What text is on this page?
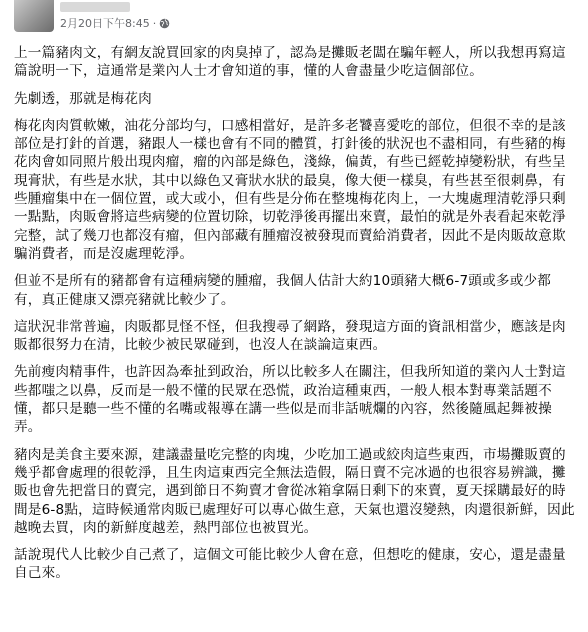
2月20日下午8:45 ·

上一篇豬肉文，有網友說買回家的肉臭掉了，認為是攤販老闆在騙年輕人，所以我想再寫這篇說明一下，這通常是業內人士才會知道的事，懂的人會盡量少吃這個部位。

先劇透，那就是梅花肉

梅花肉肉質軟嫩，油花分部均勻，口感相當好，是許多老饕喜愛吃的部位，但很不幸的是該部位是打針的首選，豬跟人一樣也會有不同的體質，打針後的狀況也不盡相同，有些豬的梅花肉會如同照片般出現肉瘤，瘤的內部是綠色，淺綠，偏黃，有些已經乾掉變粉狀，有些呈現膏狀，有些是水狀，其中以綠色又膏狀水狀的最臭，像大便一樣臭，有些甚至很刺鼻，有些腫瘤集中在一個位置，或大或小，但有些是分佈在整塊梅花肉上，一大塊處理清乾淨只剩一點點，肉販會將這些病變的位置切除，切乾淨後再擺出來賣，最怕的就是外表看起來乾淨完整，試了幾刀也都沒有瘤，但內部藏有腫瘤沒被發現而賣給消費者，因此不是肉販故意欺騙消費者，而是沒處理乾淨。

但並不是所有的豬都會有這種病變的腫瘤，我個人估計大約10頭豬大概6-7頭或多或少都有，真正健康又漂亮豬就比較少了。

這狀況非常普遍，肉販都見怪不怪，但我搜尋了網路，發現這方面的資訊相當少，應該是肉販都很努力在清，比較少被民眾碰到，也沒人在談論這東西。

先前瘦肉精事件，也許因為牽扯到政治，所以比較多人在關注，但我所知道的業內人士對這些都嗤之以鼻，反而是一般不懂的民眾在恐慌，政治這種東西，一般人根本對專業話題不懂，都只是聽一些不懂的名嘴或報導在講一些似是而非話唬爛的內容，然後隨風起舞被操弄。

豬肉是美食主要來源，建議盡量吃完整的肉塊，少吃加工過或絞肉這些東西，市場攤販賣的幾乎都會處理的很乾淨，且生肉這東西完全無法造假，隔日賣不完冰過的也很容易辨識，攤販也會先把當日的賣完，遇到節日不夠賣才會從冰箱拿隔日剩下的來賣，夏天採購最好的時間是6-8點，這時候通常肉販已處理好可以專心做生意，天氣也還沒變熱，肉還很新鮮，因此越晚去買，肉的新鮮度越差，熱門部位也被買光。

話說現代人比較少自己煮了，這個文可能比較少人會在意，但想吃的健康，安心，還是盡量自己來。
